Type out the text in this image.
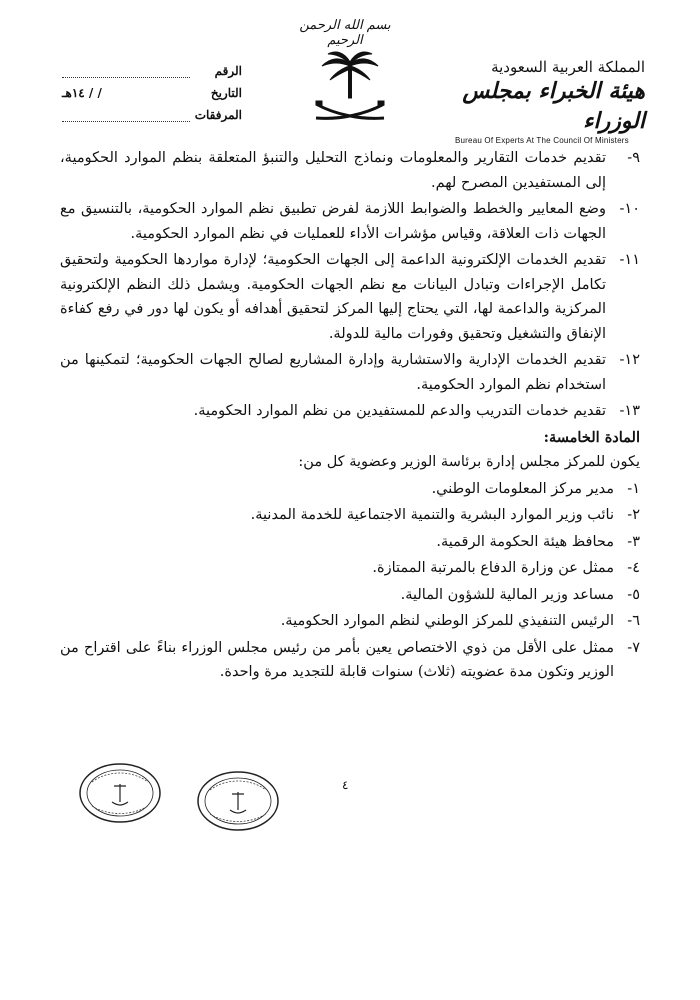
بسم الله الرحمن الرحيم
الرقم
التاريخ
/ / ١٤هـ
المرفقات
المملكة العربية السعودية
هيئة الخبراء بمجلس الوزراء
Bureau Of Experts At The Council Of Ministers
٩-
تقديم خدمات التقارير والمعلومات ونماذج التحليل والتنبؤ المتعلقة بنظم الموارد الحكومية، إلى المستفيدين المصرح لهم.
١٠-
وضع المعايير والخطط والضوابط اللازمة لفرض تطبيق نظم الموارد الحكومية، بالتنسيق مع الجهات ذات العلاقة، وقياس مؤشرات الأداء للعمليات في نظم الموارد الحكومية.
١١-
تقديم الخدمات الإلكترونية الداعمة إلى الجهات الحكومية؛ لإدارة مواردها الحكومية ولتحقيق تكامل الإجراءات وتبادل البيانات مع نظم الجهات الحكومية. ويشمل ذلك النظم الإلكترونية المركزية والداعمة لها، التي يحتاج إليها المركز لتحقيق أهدافه أو يكون لها دور في رفع كفاءة الإنفاق والتشغيل وتحقيق وفورات مالية للدولة.
١٢-
تقديم الخدمات الإدارية والاستشارية وإدارة المشاريع لصالح الجهات الحكومية؛ لتمكينها من استخدام نظم الموارد الحكومية.
١٣-
تقديم خدمات التدريب والدعم للمستفيدين من نظم الموارد الحكومية.
المادة الخامسة:
يكون للمركز مجلس إدارة برئاسة الوزير وعضوية كل من:
١-
مدير مركز المعلومات الوطني.
٢-
نائب وزير الموارد البشرية والتنمية الاجتماعية للخدمة المدنية.
٣-
محافظ هيئة الحكومة الرقمية.
٤-
ممثل عن وزارة الدفاع بالمرتبة الممتازة.
٥-
مساعد وزير المالية للشؤون المالية.
٦-
الرئيس التنفيذي للمركز الوطني لنظم الموارد الحكومية.
٧-
ممثل على الأقل من ذوي الاختصاص يعين بأمر من رئيس مجلس الوزراء بناءً على اقتراح من الوزير وتكون مدة عضويته (ثلاث) سنوات قابلة للتجديد مرة واحدة.
٤
